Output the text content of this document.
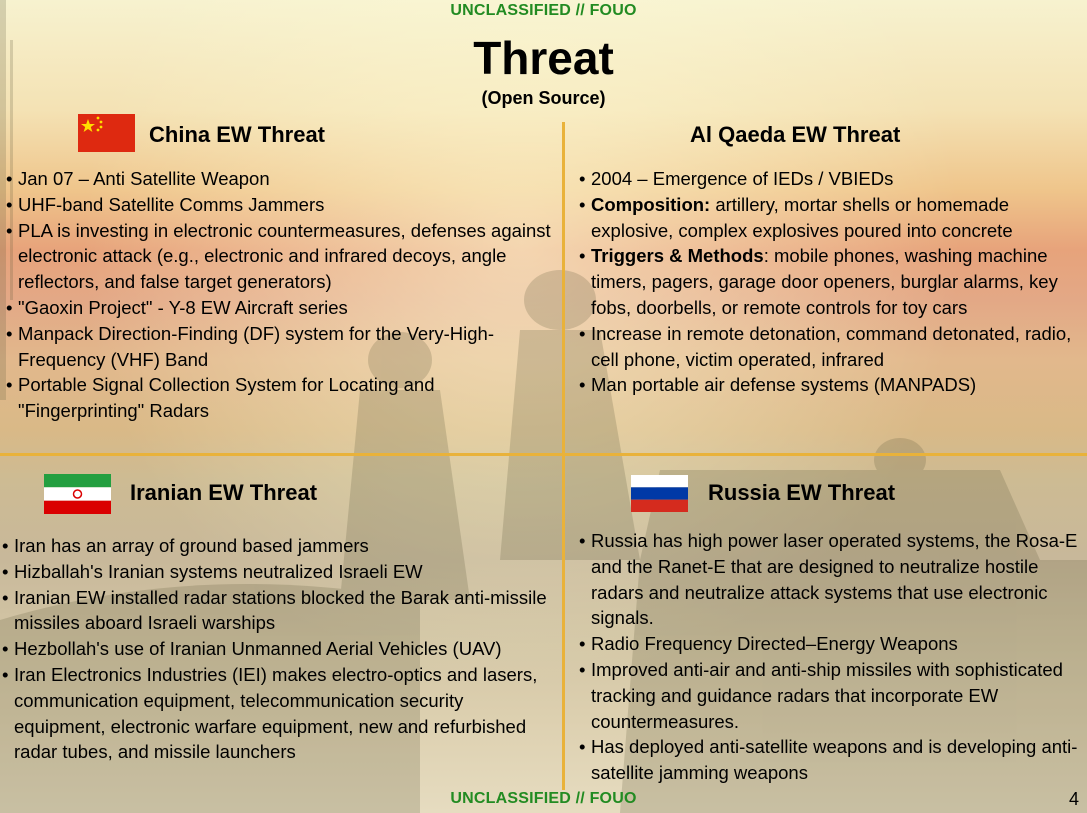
UNCLASSIFIED // FOUO
Threat
(Open Source)
China EW Threat
• Jan 07 – Anti Satellite Weapon
• UHF-band Satellite Comms Jammers
• PLA is investing in electronic countermeasures, defenses against electronic attack (e.g., electronic and infrared decoys, angle reflectors, and false target generators)
• "Gaoxin Project" - Y-8 EW Aircraft series
• Manpack Direction-Finding (DF) system for the Very-High-Frequency (VHF) Band
• Portable Signal Collection System for Locating and "Fingerprinting" Radars
Al Qaeda EW Threat
• 2004 – Emergence of IEDs / VBIEDs
• Composition: artillery, mortar shells or homemade explosive, complex explosives poured into concrete
• Triggers & Methods: mobile phones, washing machine timers, pagers, garage door openers, burglar alarms, key fobs, doorbells, or remote controls for toy cars
• Increase in remote detonation, command detonated, radio, cell phone, victim operated, infrared
• Man portable air defense systems (MANPADS)
Iranian EW Threat
• Iran has an array of ground based jammers
• Hizballah's Iranian systems neutralized Israeli EW
• Iranian EW installed radar stations blocked the Barak anti-missile missiles aboard Israeli warships
• Hezbollah's use of Iranian Unmanned Aerial Vehicles (UAV)
• Iran Electronics Industries (IEI) makes electro-optics and lasers, communication equipment, telecommunication security equipment, electronic warfare equipment, new and refurbished radar tubes, and missile launchers
Russia EW Threat
• Russia has high power laser operated systems, the Rosa-E and the Ranet-E that are designed to neutralize hostile radars and neutralize attack systems that use electronic signals.
• Radio Frequency Directed–Energy Weapons
• Improved anti-air and anti-ship missiles with sophisticated tracking and guidance radars that incorporate EW countermeasures.
• Has deployed anti-satellite weapons and is developing anti-satellite jamming weapons
UNCLASSIFIED // FOUO	4
